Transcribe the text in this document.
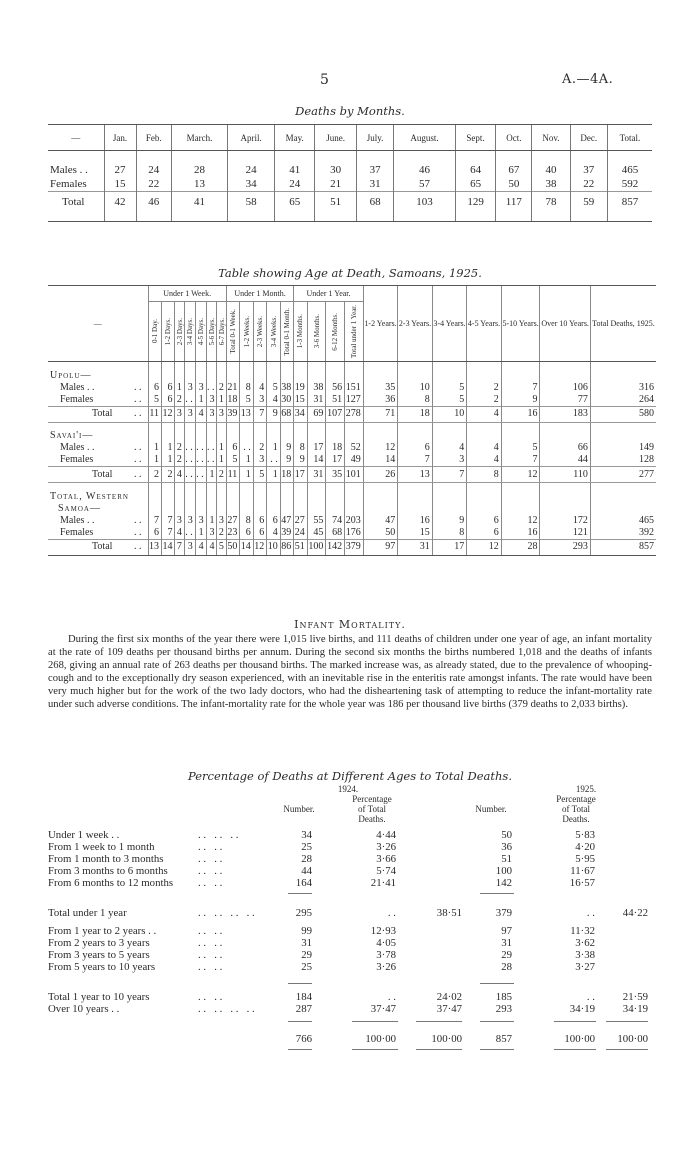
5	A.—4A.
Deaths by Months.
—	Jan.	Feb.	March.	April.	May.	June.	July.	August.	Sept.	Oct.	Nov.	Dec.	Total.

Males . .	27	24	28	24	41	30	37	46	64	67	40	37	465
Females	15	22	13	34	24	21	31	57	65	50	38	22	592
Total	42	46	41	58	65	51	68	103	129	117	78	59	857

Table showing Age at Death, Samoans, 1925.
—	Under 1 Week.							Under 1 Month.					Under 1 Year.				1-2 Years.	2-3 Years.	3-4 Years.	4-5 Years.	5-10 Years.	Over 10 Years.	Total Deaths, 1925.

	0-1 Day.	1-2 Days.	2-3 Days.	3-4 Days.	4-5 Days.	5-6 Days.	6-7 Days.	Total 0-1 Week.	1-2 Weeks.	2-3 Weeks.	3-4 Weeks.	Total 0-1 Month.	1-3 Months.	3-6 Months.	6-12 Months.	Total under 1 Year.							

Upolu—																							
Males . . . .	6	6	1	3	3	. .	2	21	8	4	5	38	19	38	56	151	35	10	5	2	7	106	316
Females . .	5	6	2	. .	1	3	1	18	5	3	4	30	15	31	51	127	36	8	5	2	9	77	264
Total . .	11	12	3	3	4	3	3	39	13	7	9	68	34	69	107	278	71	18	10	4	16	183	580

Savai'i—																							
Males . . . .	1	1	2	. .	. .	. .	1	6	. .	2	1	9	8	17	18	52	12	6	4	4	5	66	149
Females . .	1	1	2	. .	. .	. .	1	5	1	3	. .	9	9	14	17	49	14	7	3	4	7	44	128
Total . .	2	2	4	. .	. .	1	2	11	1	5	1	18	17	31	35	101	26	13	7	8	12	110	277

Total, Western																							
Samoa—																							
Males . . . .	7	7	3	3	3	1	3	27	8	6	6	47	27	55	74	203	47	16	9	6	12	172	465
Females . .	6	7	4	. .	1	3	2	23	6	6	4	39	24	45	68	176	50	15	8	6	16	121	392
Total . .	13	14	7	3	4	4	5	50	14	12	10	86	51	100	142	379	97	31	17	12	28	293	857
Infant Mortality.
During the first six months of the year there were 1,015 live births, and 111 deaths of children under one year of age, an infant mortality at the rate of 109 deaths per thousand births per annum. During the second six months the births numbered 1,018 and the deaths of infants 268, giving an annual rate of 263 deaths per thousand births. The marked increase was, as already stated, due to the prevalence of whooping-cough and to the exceptionally dry season experienced, with an inevitable rise in the enteritis rate amongst infants. The rate would have been very much higher but for the work of the two lady doctors, who had the disheartening task of attempting to reduce the infant-mortality rate under such adverse conditions. The infant-mortality rate for the whole year was 186 per thousand live births (379 deaths to 2,033 births).
Percentage of Deaths at Different Ages to Total Deaths.
1924.	1925.
Number.
Percentage
of Total
Deaths.
Number.
Percentage
of Total
Deaths.
Under 1 week . .	. .   . .   . .	34	4·44	50	5·83
From 1 week to 1 month	. .   . .	25	3·26	36	4·20
From 1 month to 3 months	. .   . .	28	3·66	51	5·95
From 3 months to 6 months	. .   . .	44	5·74	100	11·67
From 6 months to 12 months . .   . .	164	21·41	142	16·57
Total under 1 year	. .   . .   . .   . .	295	. .	38·51	379	. .	44·22
From 1 year to 2 years . .	. .   . .	99	12·93	97	11·32
From 2 years to 3 years	. .   . .	31	4·05	31	3·62
From 3 years to 5 years	. .   . .	29	3·78	29	3·38
From 5 years to 10 years	. .   . .	25	3·26	28	3·27
Total 1 year to 10 years	. .   . .	184	. .	24·02	185	. .	21·59
Over 10 years . .	. .   . .   . .   . .	287	37·47	37·47	293	34·19	34·19
766	100·00	100·00	857	100·00	100·00
